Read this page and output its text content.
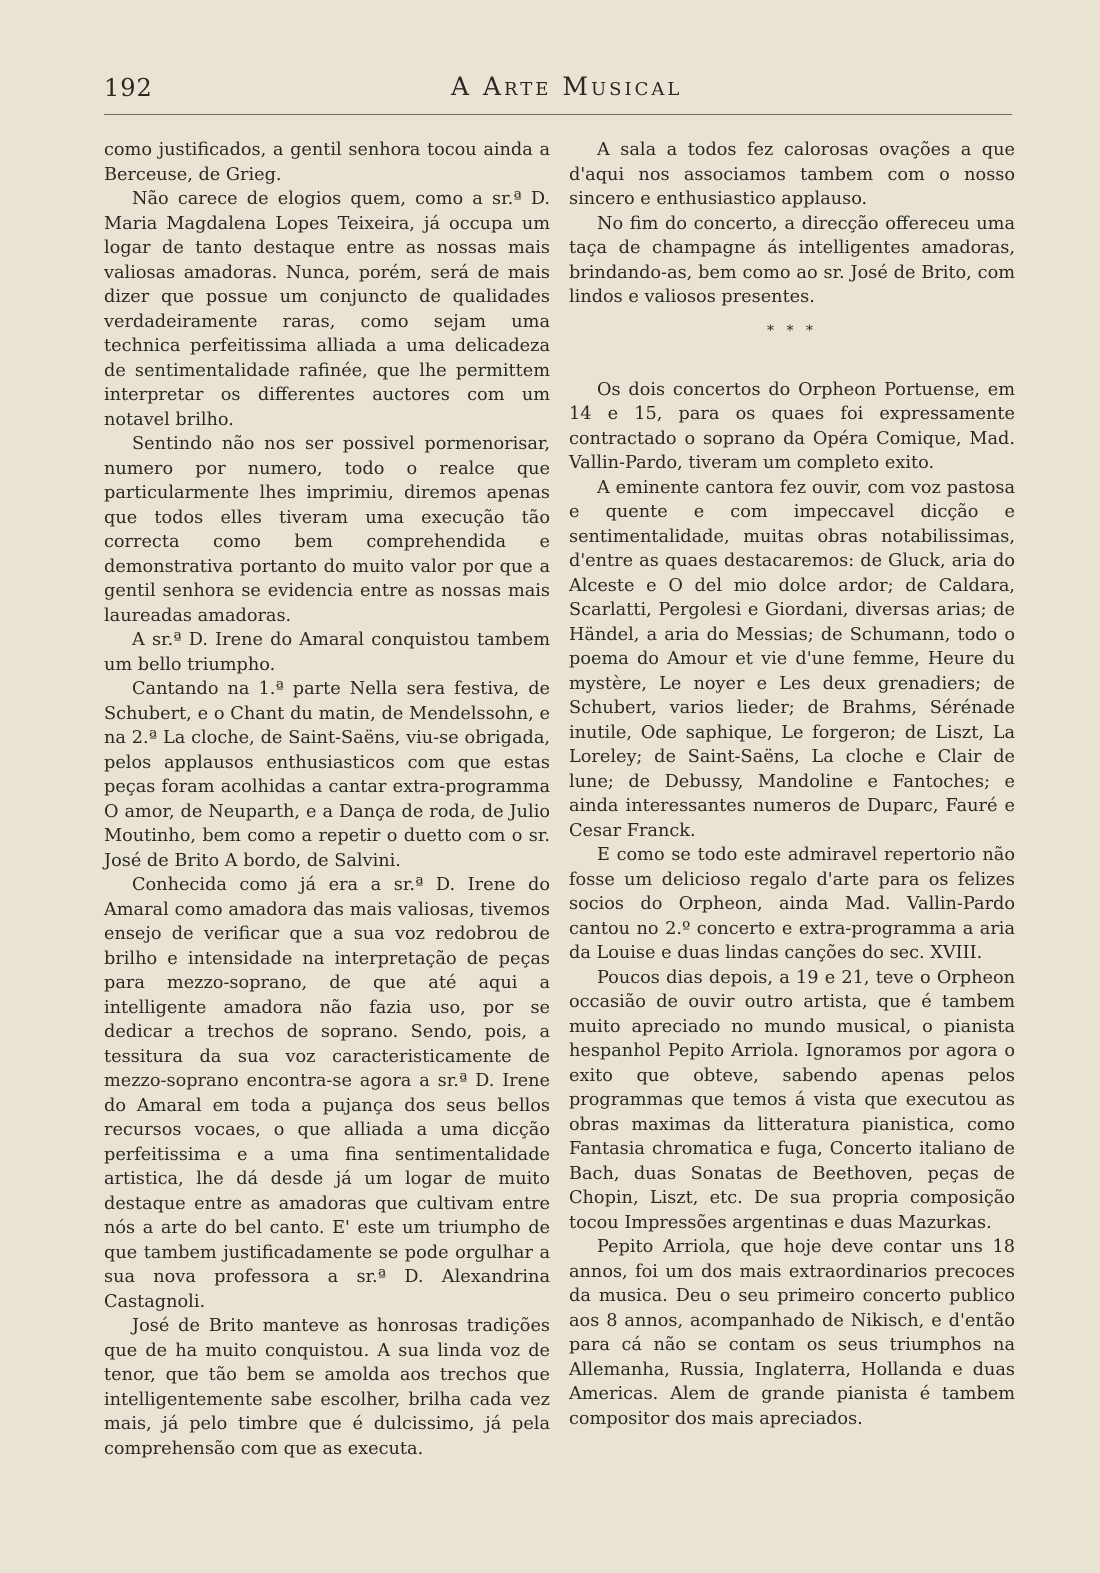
192	A Arte Musical

como justificados, a gentil senhora tocou ainda a Berceuse, de Grieg.

Não carece de elogios quem, como a sr.ª D. Maria Magdalena Lopes Teixeira, já occupa um logar de tanto destaque entre as nossas mais valiosas amadoras. Nunca, porém, será de mais dizer que possue um conjuncto de qualidades verdadeiramente raras, como sejam uma technica perfeitissima alliada a uma delicadeza de sentimentalidade rafinée, que lhe permittem interpretar os differentes auctores com um notavel brilho.

Sentindo não nos ser possivel pormenorisar, numero por numero, todo o realce que particularmente lhes imprimiu, diremos apenas que todos elles tiveram uma execução tão correcta como bem comprehendida e demonstrativa portanto do muito valor por que a gentil senhora se evidencia entre as nossas mais laureadas amadoras.

A sr.ª D. Irene do Amaral conquistou tambem um bello triumpho.

Cantando na 1.ª parte Nella sera festiva, de Schubert, e o Chant du matin, de Mendelssohn, e na 2.ª La cloche, de Saint-Saëns, viu-se obrigada, pelos applausos enthusiasticos com que estas peças foram acolhidas a cantar extra-programma O amor, de Neuparth, e a Dança de roda, de Julio Moutinho, bem como a repetir o duetto com o sr. José de Brito A bordo, de Salvini.

Conhecida como já era a sr.ª D. Irene do Amaral como amadora das mais valiosas, tivemos ensejo de verificar que a sua voz redobrou de brilho e intensidade na interpretação de peças para mezzo-soprano, de que até aqui a intelligente amadora não fazia uso, por se dedicar a trechos de soprano. Sendo, pois, a tessitura da sua voz caracteristicamente de mezzo-soprano encontra-se agora a sr.ª D. Irene do Amaral em toda a pujança dos seus bellos recursos vocaes, o que alliada a uma dicção perfeitissima e a uma fina sentimentalidade artistica, lhe dá desde já um logar de muito destaque entre as amadoras que cultivam entre nós a arte do bel canto. E' este um triumpho de que tambem justificadamente se pode orgulhar a sua nova professora a sr.ª D. Alexandrina Castagnoli.

José de Brito manteve as honrosas tradições que de ha muito conquistou. A sua linda voz de tenor, que tão bem se amolda aos trechos que intelligentemente sabe escolher, brilha cada vez mais, já pelo timbre que é dulcissimo, já pela comprehensão com que as executa.

A sala a todos fez calorosas ovações a que d'aqui nos associamos tambem com o nosso sincero e enthusiastico applauso.

No fim do concerto, a direcção offereceu uma taça de champagne ás intelligentes amadoras, brindando-as, bem como ao sr. José de Brito, com lindos e valiosos presentes.

* * *

Os dois concertos do Orpheon Portuense, em 14 e 15, para os quaes foi expressamente contractado o soprano da Opéra Comique, Mad. Vallin-Pardo, tiveram um completo exito.

A eminente cantora fez ouvir, com voz pastosa e quente e com impeccavel dicção e sentimentalidade, muitas obras notabilissimas, d'entre as quaes destacaremos: de Gluck, aria do Alceste e O del mio dolce ardor; de Caldara, Scarlatti, Pergolesi e Giordani, diversas arias; de Händel, a aria do Messias; de Schumann, todo o poema do Amour et vie d'une femme, Heure du mystère, Le noyer e Les deux grenadiers; de Schubert, varios lieder; de Brahms, Sérénade inutile, Ode saphique, Le forgeron; de Liszt, La Loreley; de Saint-Saëns, La cloche e Clair de lune; de Debussy, Mandoline e Fantoches; e ainda interessantes numeros de Duparc, Fauré e Cesar Franck.

E como se todo este admiravel repertorio não fosse um delicioso regalo d'arte para os felizes socios do Orpheon, ainda Mad. Vallin-Pardo cantou no 2.º concerto e extra-programma a aria da Louise e duas lindas canções do sec. XVIII.

Poucos dias depois, a 19 e 21, teve o Orpheon occasião de ouvir outro artista, que é tambem muito apreciado no mundo musical, o pianista hespanhol Pepito Arriola. Ignoramos por agora o exito que obteve, sabendo apenas pelos programmas que temos á vista que executou as obras maximas da litteratura pianistica, como Fantasia chromatica e fuga, Concerto italiano de Bach, duas Sonatas de Beethoven, peças de Chopin, Liszt, etc. De sua propria composição tocou Impressões argentinas e duas Mazurkas.

Pepito Arriola, que hoje deve contar uns 18 annos, foi um dos mais extraordinarios precoces da musica. Deu o seu primeiro concerto publico aos 8 annos, acompanhado de Nikisch, e d'então para cá não se contam os seus triumphos na Allemanha, Russia, Inglaterra, Hollanda e duas Americas. Alem de grande pianista é tambem compositor dos mais apreciados.
